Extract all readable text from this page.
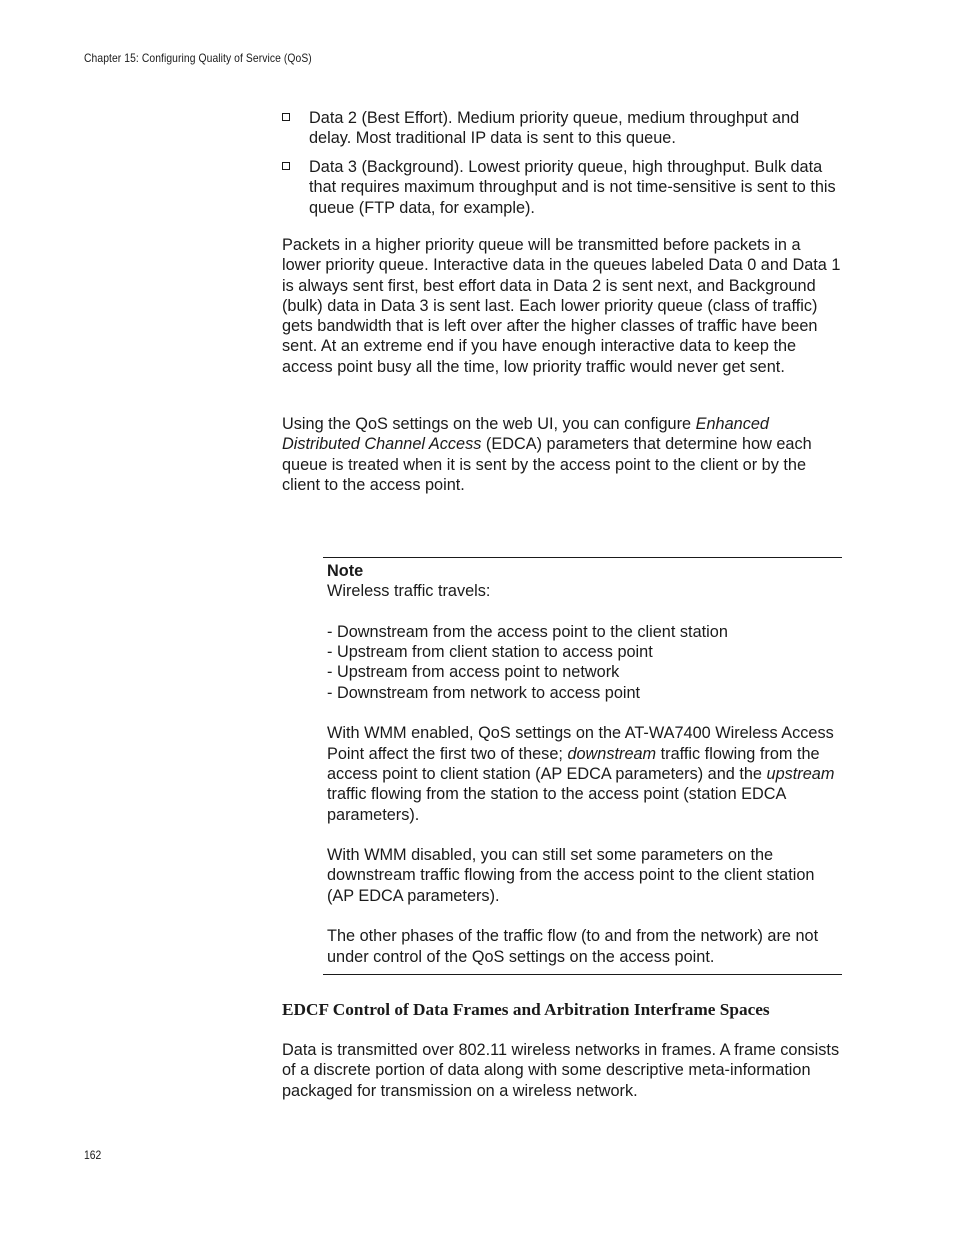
Chapter 15: Configuring Quality of Service (QoS)
Data 2 (Best Effort). Medium priority queue, medium throughput and delay. Most traditional IP data is sent to this queue.
Data 3 (Background). Lowest priority queue, high throughput. Bulk data that requires maximum throughput and is not time-sensitive is sent to this queue (FTP data, for example).
Packets in a higher priority queue will be transmitted before packets in a lower priority queue. Interactive data in the queues labeled Data 0 and Data 1 is always sent first, best effort data in Data 2 is sent next, and Background (bulk) data in Data 3 is sent last. Each lower priority queue (class of traffic) gets bandwidth that is left over after the higher classes of traffic have been sent. At an extreme end if you have enough interactive data to keep the access point busy all the time, low priority traffic would never get sent.
Using the QoS settings on the web UI, you can configure Enhanced Distributed Channel Access (EDCA) parameters that determine how each queue is treated when it is sent by the access point to the client or by the client to the access point.

Note

Wireless traffic travels:

- Downstream from the access point to the client station

- Upstream from client station to access point

- Upstream from access point to network

- Downstream from network to access point

With WMM enabled, QoS settings on the AT-WA7400 Wireless Access Point affect the first two of these; downstream traffic flowing from the access point to client station (AP EDCA parameters) and the upstream traffic flowing from the station to the access point (station EDCA parameters).

With WMM disabled, you can still set some parameters on the downstream traffic flowing from the access point to the client station (AP EDCA parameters).

The other phases of the traffic flow (to and from the network) are not under control of the QoS settings on the access point.

EDCF Control of Data Frames and Arbitration Interframe Spaces
Data is transmitted over 802.11 wireless networks in frames. A frame consists of a discrete portion of data along with some descriptive meta-information packaged for transmission on a wireless network.
162
